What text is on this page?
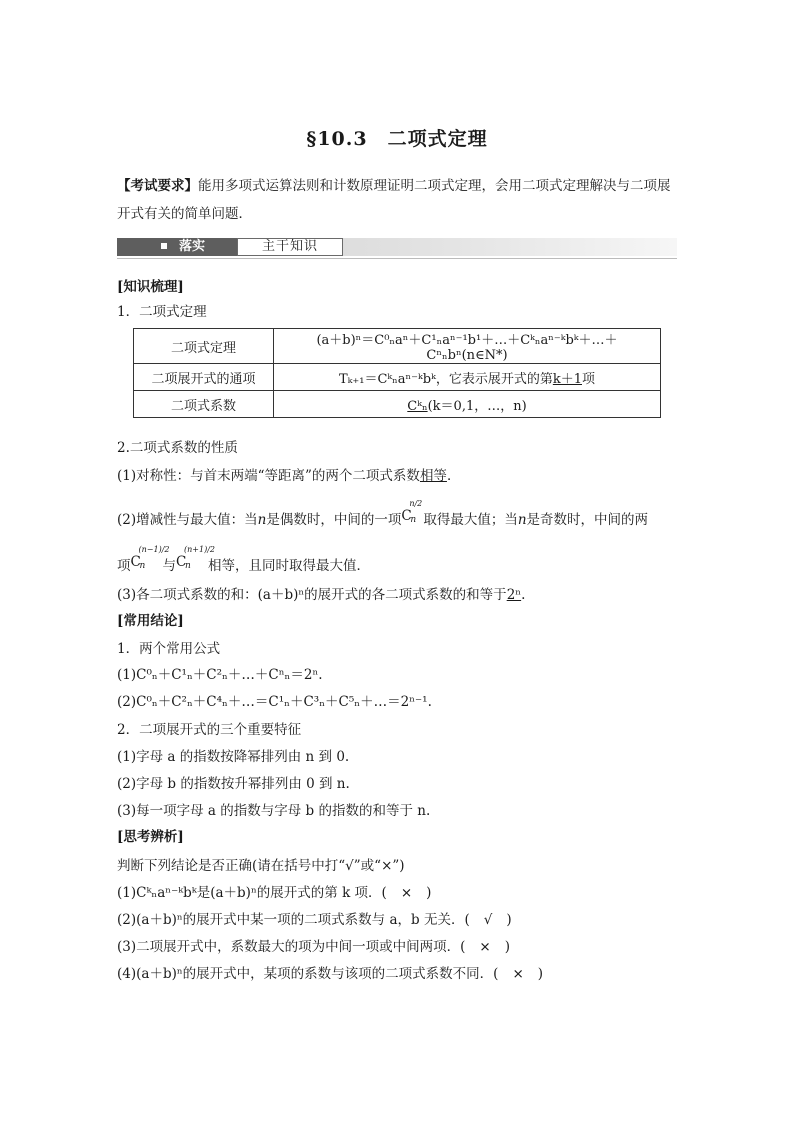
§10.3　二项式定理
【考试要求】能用多项式运算法则和计数原理证明二项式定理，会用二项式定理解决与二项展开式有关的简单问题．
落实	主干知识
[知识梳理]
1．二项式定理
二项式定理	(a＋b)ⁿ＝C⁰ₙaⁿ＋C¹ₙaⁿ⁻¹b¹＋…＋Cᵏₙaⁿ⁻ᵏbᵏ＋…＋Cⁿₙbⁿ(n∈N*)
二项展开式的通项	Tₖ₊₁＝Cᵏₙaⁿ⁻ᵏbᵏ，它表示展开式的第k＋1项
二项式系数	Cᵏₙ(k＝0,1，…，n)
2.二项式系数的性质
(1)对称性：与首末两端“等距离”的两个二项式系数相等．
(2)增减性与最大值：当n是偶数时，中间的一项 C
n/2
n 取得最大值；当n是奇数时，中间的两
项 C
(n−1)/2
n 与 C
(n+1)/2
n 相等，且同时取得最大值．
(3)各二项式系数的和：(a＋b)ⁿ的展开式的各二项式系数的和等于2ⁿ.
[常用结论]
1．两个常用公式
(1)C⁰ₙ＋C¹ₙ＋C²ₙ＋…＋Cⁿₙ＝2ⁿ.
(2)C⁰ₙ＋C²ₙ＋C⁴ₙ＋…＝C¹ₙ＋C³ₙ＋C⁵ₙ＋…＝2ⁿ⁻¹.
2．二项展开式的三个重要特征
(1)字母 a 的指数按降幂排列由 n 到 0.
(2)字母 b 的指数按升幂排列由 0 到 n.
(3)每一项字母 a 的指数与字母 b 的指数的和等于 n.
[思考辨析]
判断下列结论是否正确(请在括号中打“√”或“×”)
(1)Cᵏₙaⁿ⁻ᵏbᵏ是(a＋b)ⁿ的展开式的第 k 项．( × )
(2)(a＋b)ⁿ的展开式中某一项的二项式系数与 a，b 无关．( √ )
(3)二项展开式中，系数最大的项为中间一项或中间两项．( × )
(4)(a＋b)ⁿ的展开式中，某项的系数与该项的二项式系数不同．( × )
